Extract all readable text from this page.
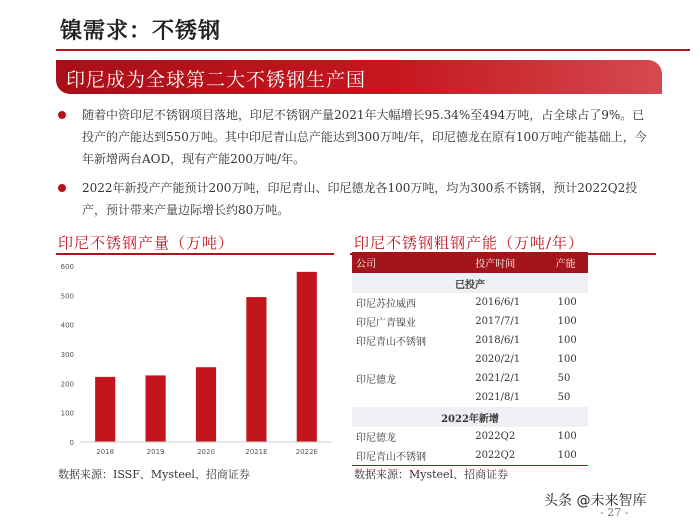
镍需求：不锈钢
印尼成为全球第二大不锈钢生产国
随着中资印尼不锈钢项目落地，印尼不锈钢产量2021年大幅增长95.34%至494万吨，占全球占了9%。已投产的产能达到550万吨。其中印尼青山总产能达到300万吨/年，印尼德龙在原有100万吨产能基础上，今年新增两台AOD，现有产能200万吨/年。
2022年新投产产能预计200万吨，印尼青山、印尼德龙各100万吨，均为300系不锈钢，预计2022Q2投产，预计带来产量边际增长约80万吨。
印尼不锈钢产量（万吨）
0
100
200
300
400
500
600
2018	2019	2020	2021E	2022E
数据来源：ISSF、Mysteel、招商证券
印尼不锈钢粗钢产能（万吨/年）
公司	投产时间	产能
已投产		
印尼苏拉威西	2016/6/1	100
印尼广青镍业	2017/7/1	100
印尼青山不锈钢	2018/6/1	100
	2020/2/1	100
印尼德龙	2021/2/1	50
	2021/8/1	50
2022年新增		
印尼德龙	2022Q2	100
印尼青山不锈钢	2022Q2	100
数据来源：Mysteel、招商证券
头条 @未来智库
- 27 -
